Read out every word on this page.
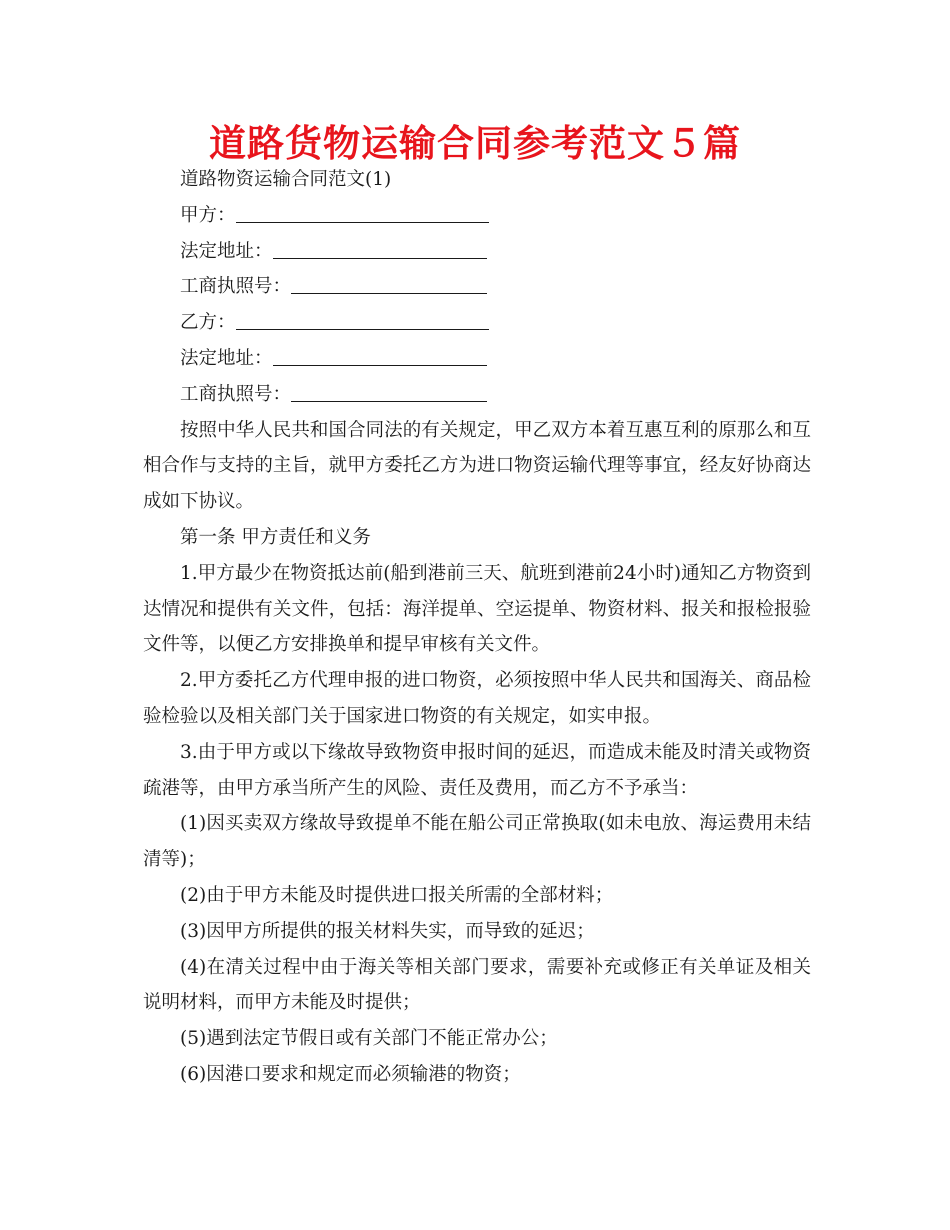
道路货物运输合同参考范文５篇
道路物资运输合同范文(1)
甲方：
法定地址：
工商执照号：
乙方：
法定地址：
工商执照号：

按照中华人民共和国合同法的有关规定，甲乙双方本着互惠互利的原那么和互相合作与支持的主旨，就甲方委托乙方为进口物资运输代理等事宜，经友好协商达成如下协议。

第一条 甲方责任和义务

1.甲方最少在物资抵达前(船到港前三天、航班到港前24小时)通知乙方物资到达情况和提供有关文件，包括：海洋提单、空运提单、物资材料、报关和报检报验文件等，以便乙方安排换单和提早审核有关文件。

2.甲方委托乙方代理申报的进口物资，必须按照中华人民共和国海关、商品检验检验以及相关部门关于国家进口物资的有关规定，如实申报。

3.由于甲方或以下缘故导致物资申报时间的延迟，而造成未能及时清关或物资疏港等，由甲方承当所产生的风险、责任及费用，而乙方不予承当：

(1)因买卖双方缘故导致提单不能在船公司正常换取(如未电放、海运费用未结清等)；

(2)由于甲方未能及时提供进口报关所需的全部材料；

(3)因甲方所提供的报关材料失实，而导致的延迟；

(4)在清关过程中由于海关等相关部门要求，需要补充或修正有关单证及相关说明材料，而甲方未能及时提供；

(5)遇到法定节假日或有关部门不能正常办公；

(6)因港口要求和规定而必须输港的物资；
